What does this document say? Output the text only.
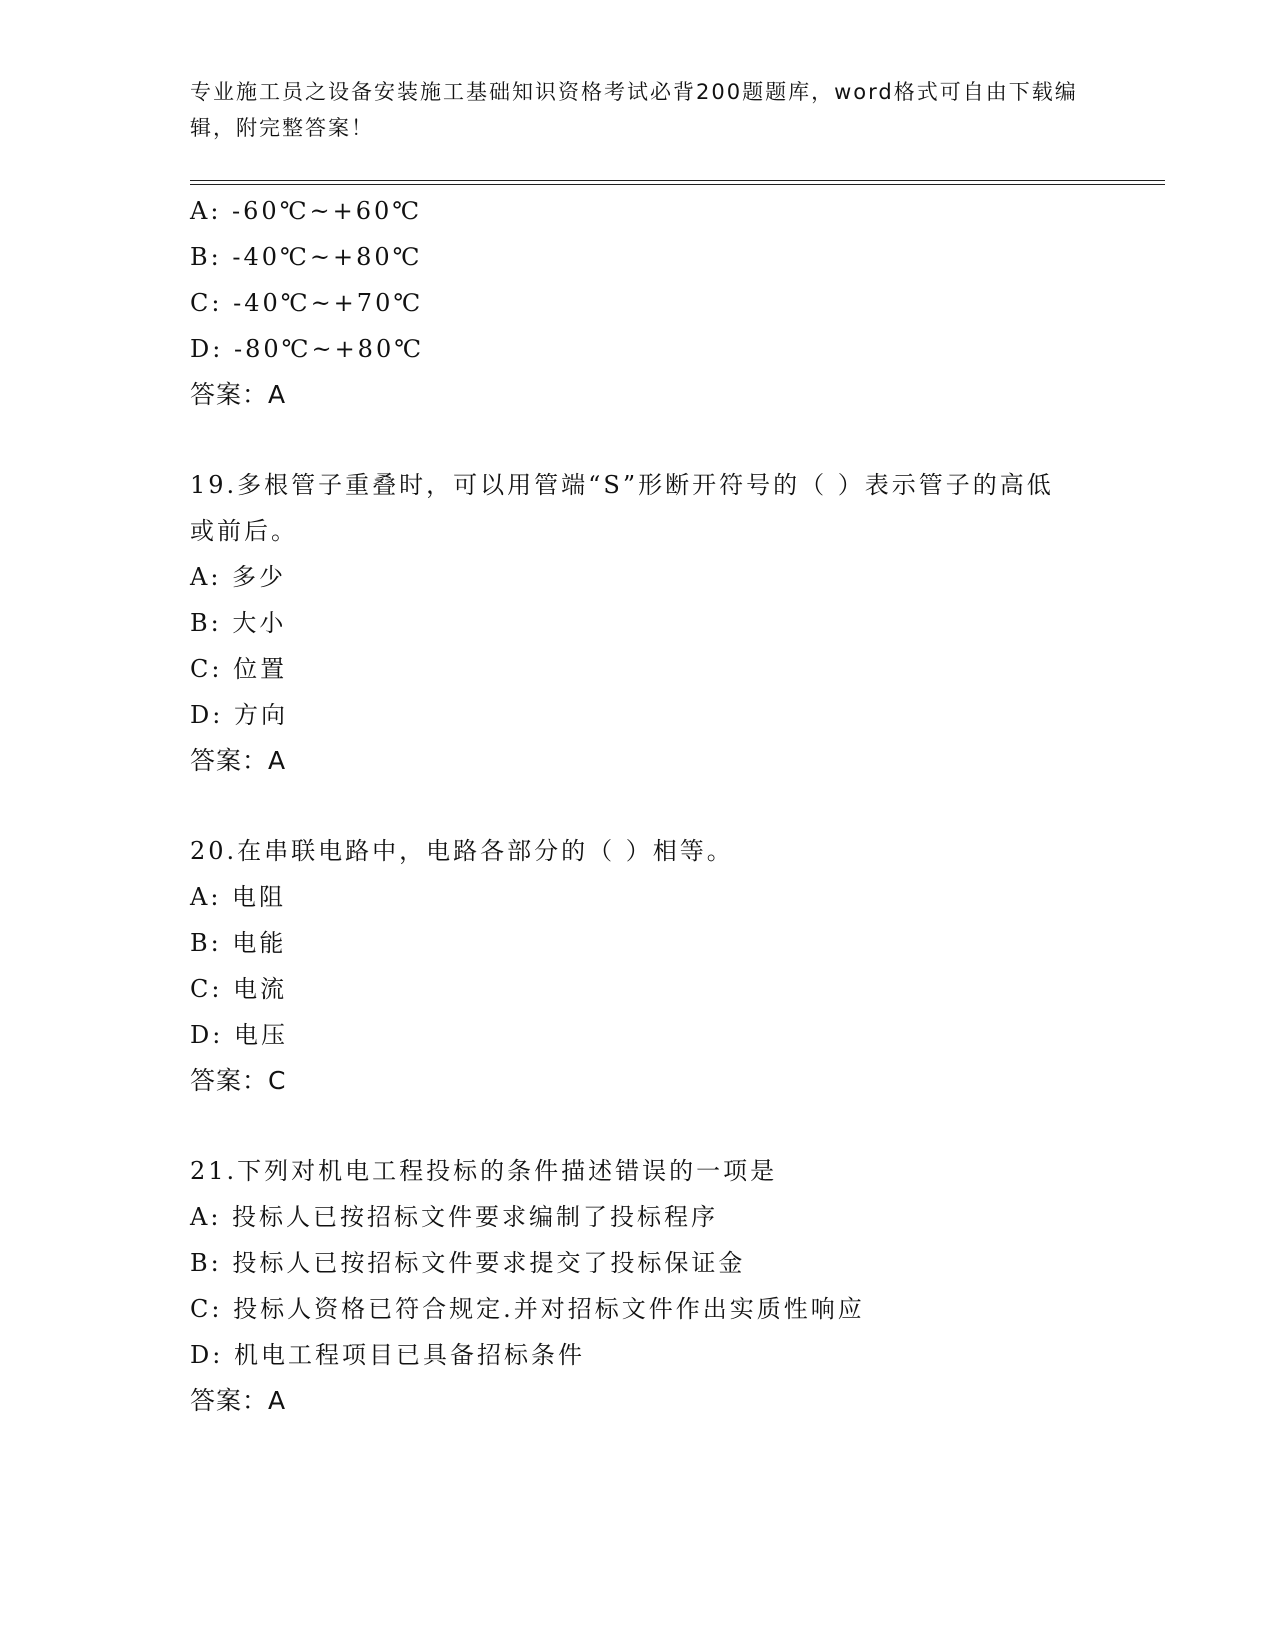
专业施工员之设备安装施工基础知识资格考试必背200题题库，word格式可自由下载编辑，附完整答案！
A: -60℃~+60℃
B: -40℃~+80℃
C: -40℃~+70℃
D: -80℃~+80℃
答案：A
19.多根管子重叠时，可以用管端“S”形断开符号的（ ）表示管子的高低或前后。
A: 多少
B: 大小
C: 位置
D: 方向
答案：A
20.在串联电路中，电路各部分的（ ）相等。
A: 电阻
B: 电能
C: 电流
D: 电压
答案：C
21.下列对机电工程投标的条件描述错误的一项是
A: 投标人已按招标文件要求编制了投标程序
B: 投标人已按招标文件要求提交了投标保证金
C: 投标人资格已符合规定.并对招标文件作出实质性响应
D: 机电工程项目已具备招标条件
答案：A
